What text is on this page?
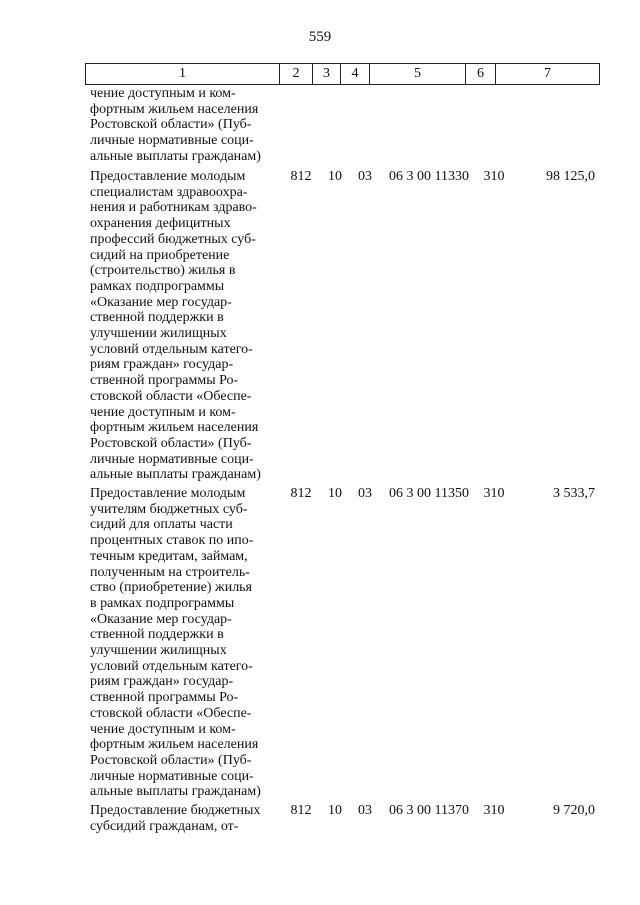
559
1	2	3	4	5	6	7
чение доступным и ком-
фортным жильем населения
Ростовской области» (Пуб-
личные нормативные соци-
альные выплаты гражданам)
Предоставление молодым
специалистам здравоохра-
нения и работникам здраво-
охранения дефицитных
профессий бюджетных суб-
сидий на приобретение
(строительство) жилья в
рамках подпрограммы
«Оказание мер государ-
ственной поддержки в
улучшении жилищных
условий отдельным катего-
риям граждан» государ-
ственной программы Ро-
стовской области «Обеспе-
чение доступным и ком-
фортным жильем населения
Ростовской области» (Пуб-
личные нормативные соци-
альные выплаты гражданам)
812	10	03	06 3 00 11330	310	98 125,0
Предоставление молодым
учителям бюджетных суб-
сидий для оплаты части
процентных ставок по ипо-
течным кредитам, займам,
полученным на строитель-
ство (приобретение) жилья
в рамках подпрограммы
«Оказание мер государ-
ственной поддержки в
улучшении жилищных
условий отдельным катего-
риям граждан» государ-
ственной программы Ро-
стовской области «Обеспе-
чение доступным и ком-
фортным жильем населения
Ростовской области» (Пуб-
личные нормативные соци-
альные выплаты гражданам)
812	10	03	06 3 00 11350	310	3 533,7
Предоставление бюджетных
субсидий гражданам, от-
812	10	03	06 3 00 11370	310	9 720,0
